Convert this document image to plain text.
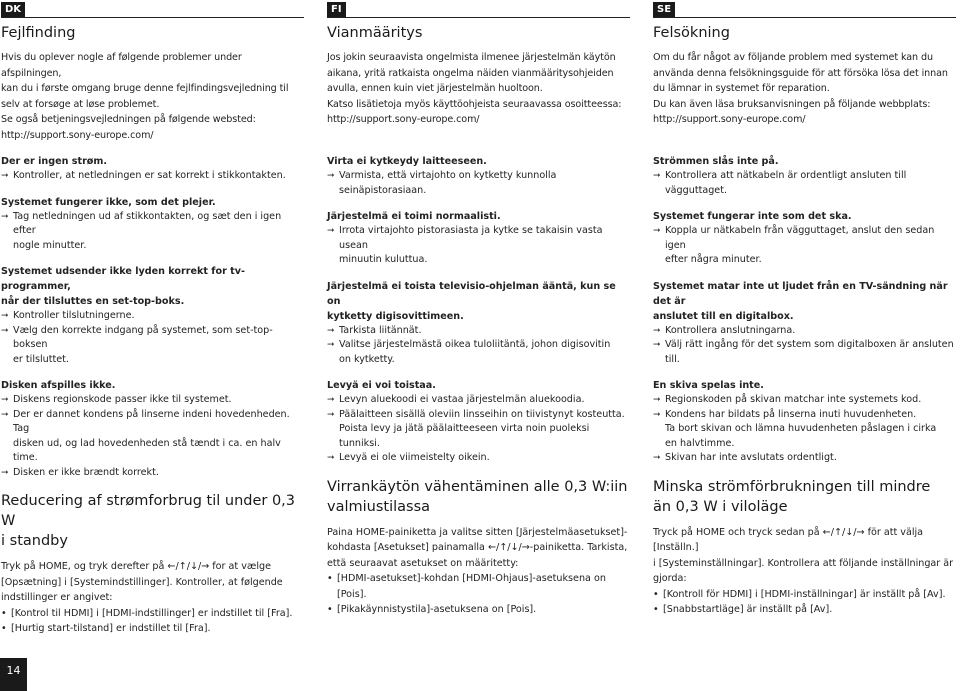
DK
Fejlfinding

Hvis du oplever nogle af følgende problemer under afspilningen,

kan du i første omgang bruge denne fejlfindingsvejledning til

selv at forsøge at løse problemet.

Se også betjeningsvejledningen på følgende websted:

http://support.sony-europe.com/

Der er ingen strøm.

➞ Kontroller, at netledningen er sat korrekt i stikkontakten.

Systemet fungerer ikke, som det plejer.

➞ Tag netledningen ud af stikkontakten, og sæt den i igen efter
nogle minutter.

Systemet udsender ikke lyden korrekt for tv-programmer,
når der tilsluttes en set-top-boks.

➞ Kontroller tilslutningerne.

➞ Vælg den korrekte indgang på systemet, som set-top-boksen
er tilsluttet.

Disken afspilles ikke.

➞ Diskens regionskode passer ikke til systemet.

➞ Der er dannet kondens på linserne indeni hovedenheden. Tag
disken ud, og lad hovedenheden stå tændt i ca. en halv time.

➞ Disken er ikke brændt korrekt.

Reducering af strømforbrug til under 0,3 W
i standby

Tryk på HOME, og tryk derefter på ←/↑/↓/→ for at vælge
[Opsætning] i [Systemindstillinger]. Kontroller, at følgende
indstillinger er angivet:

• [Kontrol til HDMI] i [HDMI-indstillinger] er indstillet til [Fra].

• [Hurtig start-tilstand] er indstillet til [Fra].

FI
Vianmääritys

Jos jokin seuraavista ongelmista ilmenee järjestelmän käytön

aikana, yritä ratkaista ongelma näiden vianmääritysohjeiden

avulla, ennen kuin viet järjestelmän huoltoon.

Katso lisätietoja myös käyttöohjeista seuraavassa osoitteessa:

http://support.sony-europe.com/

Virta ei kytkeydy laitteeseen.

➞ Varmista, että virtajohto on kytketty kunnolla
seinäpistorasiaan.

Järjestelmä ei toimi normaalisti.

➞ Irrota virtajohto pistorasiasta ja kytke se takaisin vasta usean
minuutin kuluttua.

Järjestelmä ei toista televisio-ohjelman ääntä, kun se on
kytketty digisovittimeen.

➞ Tarkista liitännät.

➞ Valitse järjestelmästä oikea tuloliitäntä, johon digisovitin
on kytketty.

Levyä ei voi toistaa.

➞ Levyn aluekoodi ei vastaa järjestelmän aluekoodia.

➞ Päälaitteen sisällä oleviin linsseihin on tiivistynyt kosteutta.
Poista levy ja jätä päälaitteeseen virta noin puoleksi tunniksi.

➞ Levyä ei ole viimeistelty oikein.

Virrankäytön vähentäminen alle 0,3 W:iin
valmiustilassa

Paina HOME-painiketta ja valitse sitten [Järjestelmäasetukset]-
kohdasta [Asetukset] painamalla ←/↑/↓/→-painiketta. Tarkista,
että seuraavat asetukset on määritetty:

• [HDMI-asetukset]-kohdan [HDMI-Ohjaus]-asetuksena on [Pois].

• [Pikakäynnistystila]-asetuksena on [Pois].

SE
Felsökning

Om du får något av följande problem med systemet kan du

använda denna felsökningsguide för att försöka lösa det innan

du lämnar in systemet för reparation.

Du kan även läsa bruksanvisningen på följande webbplats:

http://support.sony-europe.com/

Strömmen slås inte på.

➞ Kontrollera att nätkabeln är ordentligt ansluten till
vägguttaget.

Systemet fungerar inte som det ska.

➞ Koppla ur nätkabeln från vägguttaget, anslut den sedan igen
efter några minuter.

Systemet matar inte ut ljudet från en TV-sändning när det är
anslutet till en digitalbox.

➞ Kontrollera anslutningarna.

➞ Välj rätt ingång för det system som digitalboxen är ansluten till.

En skiva spelas inte.

➞ Regionskoden på skivan matchar inte systemets kod.

➞ Kondens har bildats på linserna inuti huvudenheten.
Ta bort skivan och lämna huvudenheten påslagen i cirka
en halvtimme.

➞ Skivan har inte avslutats ordentligt.

Minska strömförbrukningen till mindre
än 0,3 W i viloläge

Tryck på HOME och tryck sedan på ←/↑/↓/→ för att välja [Inställn.]
i [Systeminställningar]. Kontrollera att följande inställningar är
gjorda:

• [Kontroll för HDMI] i [HDMI-inställningar] är inställt på [Av].

• [Snabbstartläge] är inställt på [Av].

14
